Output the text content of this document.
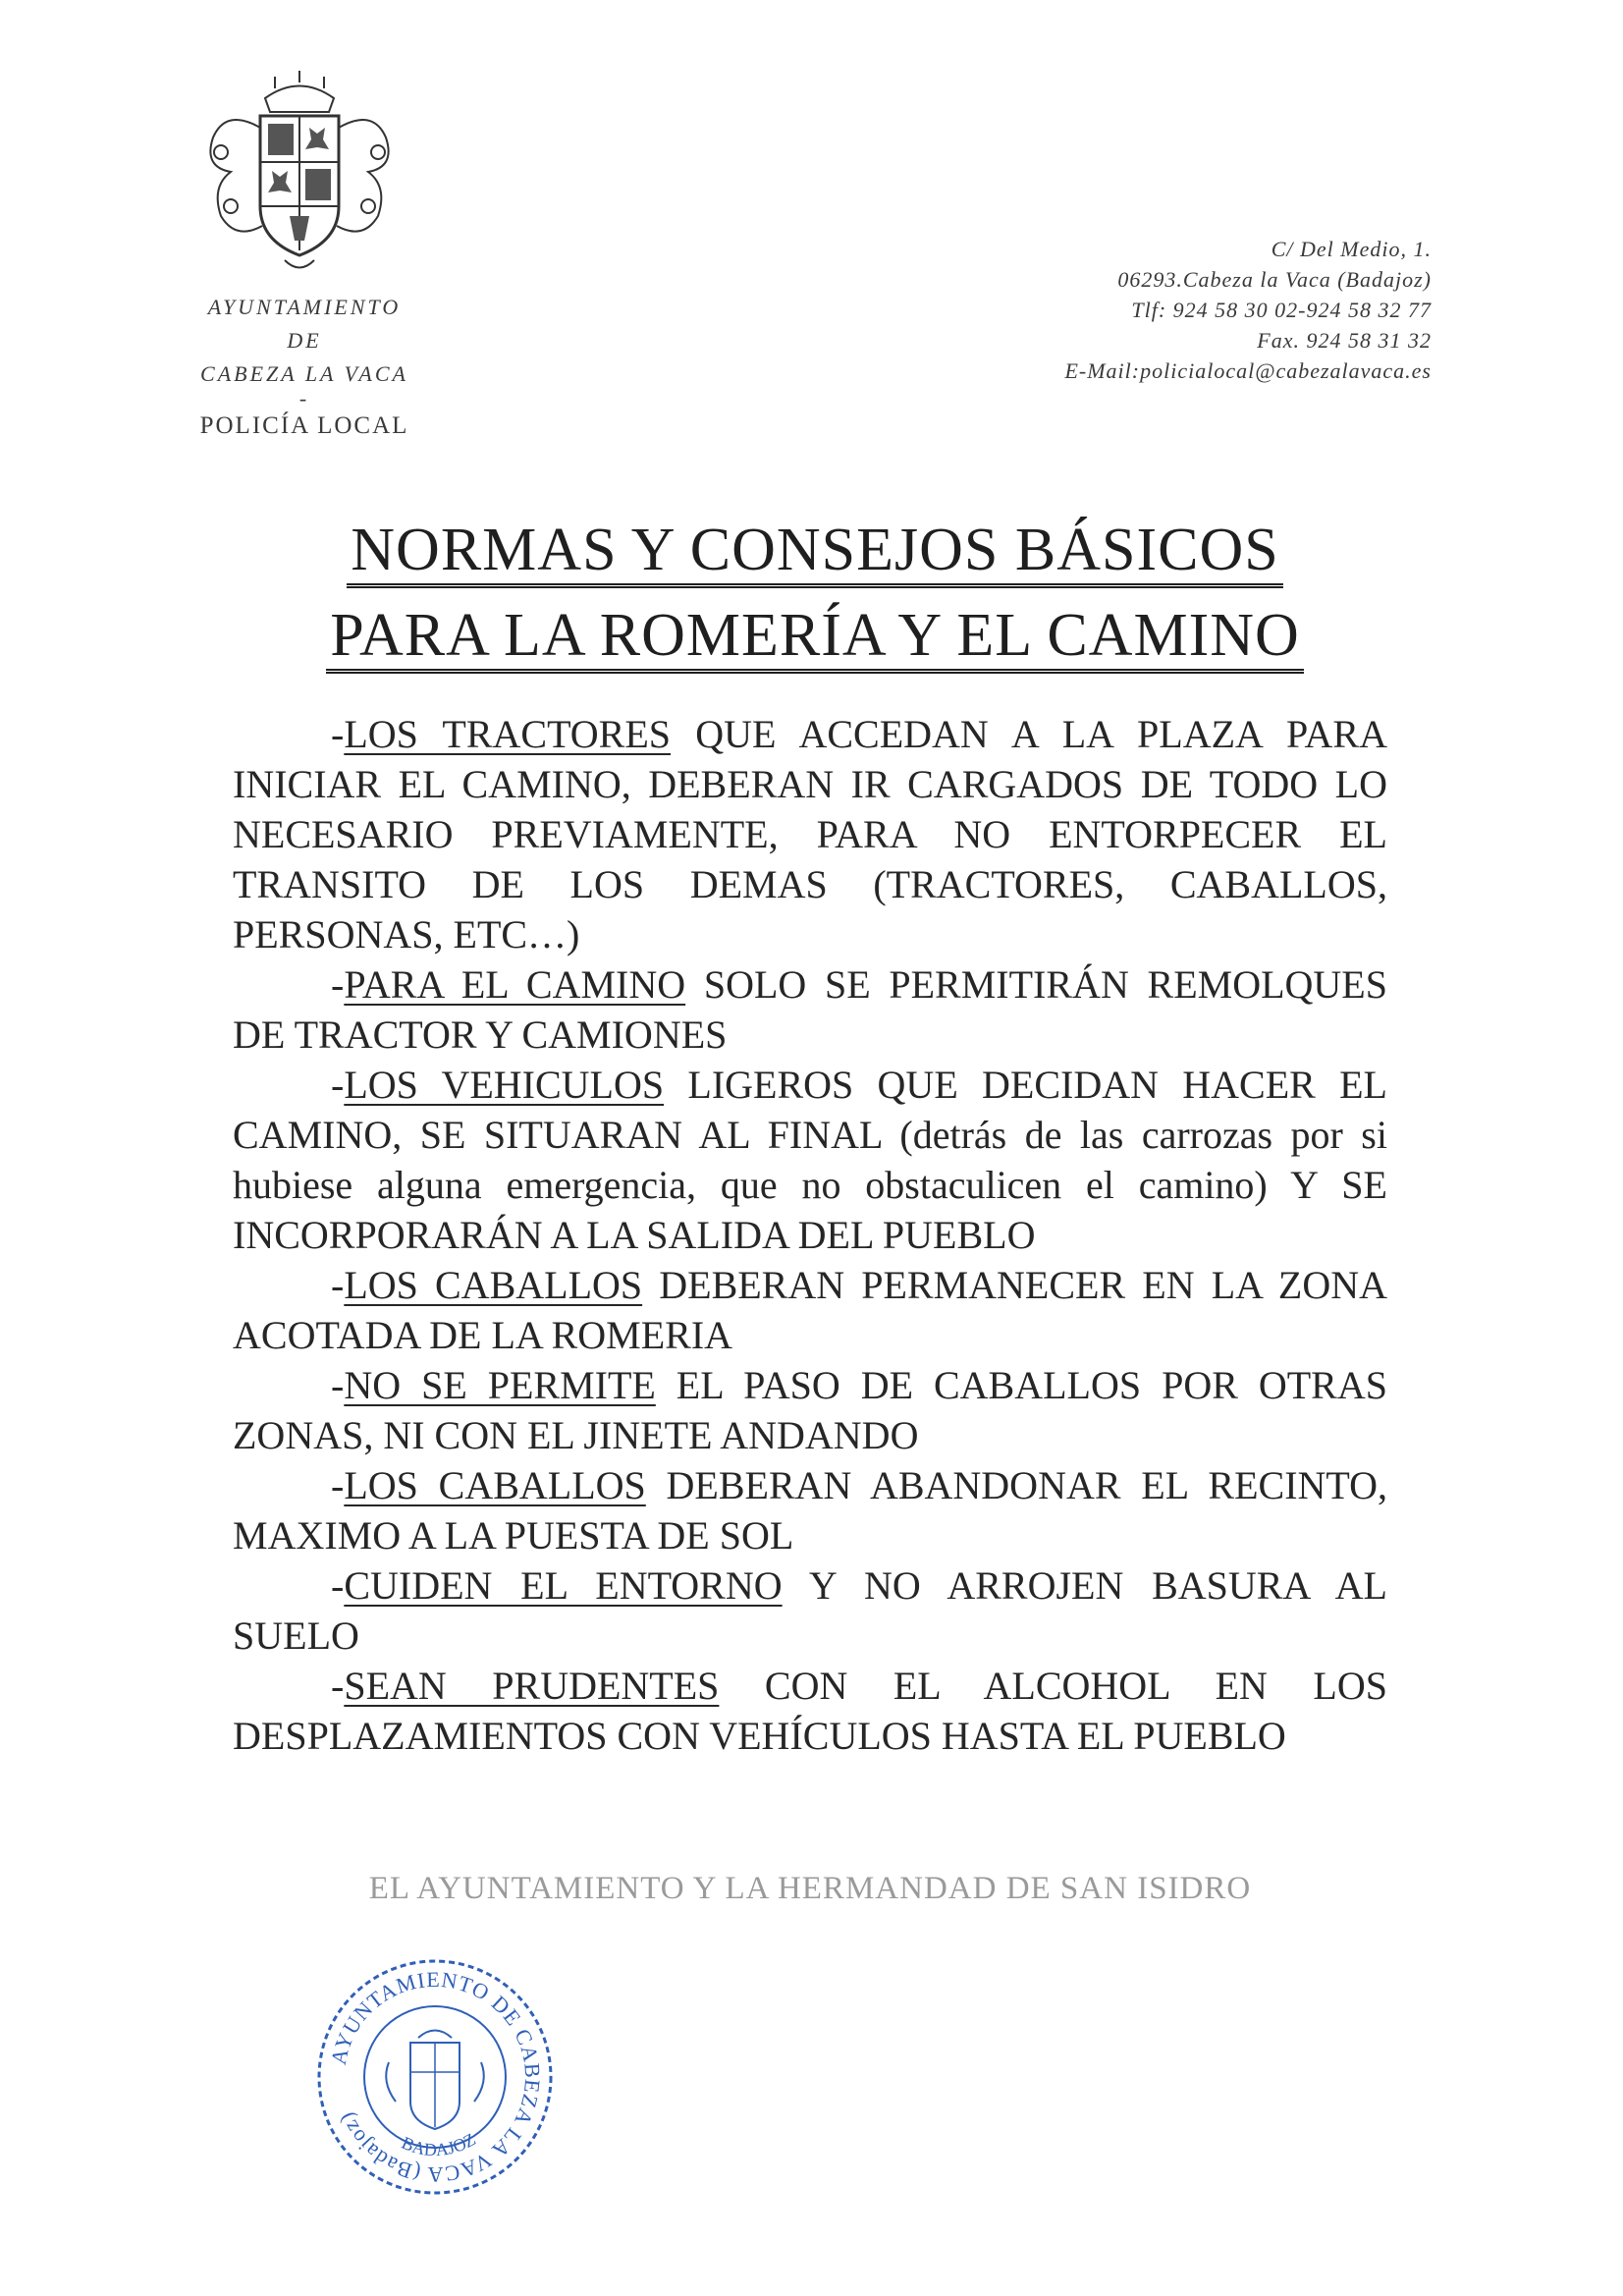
AYUNTAMIENTO
DE
CABEZA LA VACA
-
POLICÍA LOCAL
C/ Del Medio, 1.
06293.Cabeza la Vaca (Badajoz)
Tlf: 924 58 30 02-924 58 32 77
Fax. 924 58 31 32
E-Mail:policialocal@cabezalavaca.es
NORMAS Y CONSEJOS BÁSICOS
PARA LA ROMERÍA Y EL CAMINO

-LOS TRACTORES QUE ACCEDAN A LA PLAZA PARA INICIAR EL CAMINO, DEBERAN IR CARGADOS DE TODO LO NECESARIO PREVIAMENTE, PARA NO ENTORPECER EL TRANSITO DE LOS DEMAS (TRACTORES, CABALLOS, PERSONAS, ETC…)

-PARA EL CAMINO SOLO SE PERMITIRÁN REMOLQUES DE TRACTOR Y CAMIONES

-LOS VEHICULOS LIGEROS QUE DECIDAN HACER EL CAMINO, SE SITUARAN AL FINAL (detrás de las carrozas por si hubiese alguna emergencia, que no obstaculicen el camino) Y SE INCORPORARÁN A LA SALIDA DEL PUEBLO

-LOS CABALLOS DEBERAN PERMANECER EN LA ZONA ACOTADA DE LA ROMERIA

-NO SE PERMITE EL PASO DE CABALLOS POR OTRAS ZONAS, NI CON EL JINETE ANDANDO

-LOS CABALLOS DEBERAN ABANDONAR EL RECINTO, MAXIMO A LA PUESTA DE SOL

-CUIDEN EL ENTORNO Y NO ARROJEN BASURA AL SUELO

-SEAN PRUDENTES CON EL ALCOHOL EN LOS DESPLAZAMIENTOS CON VEHÍCULOS HASTA EL PUEBLO

EL AYUNTAMIENTO Y LA HERMANDAD DE SAN ISIDRO
AYUNTAMIENTO DE CABEZA LA VACA (Badajoz)
BADAJOZ
